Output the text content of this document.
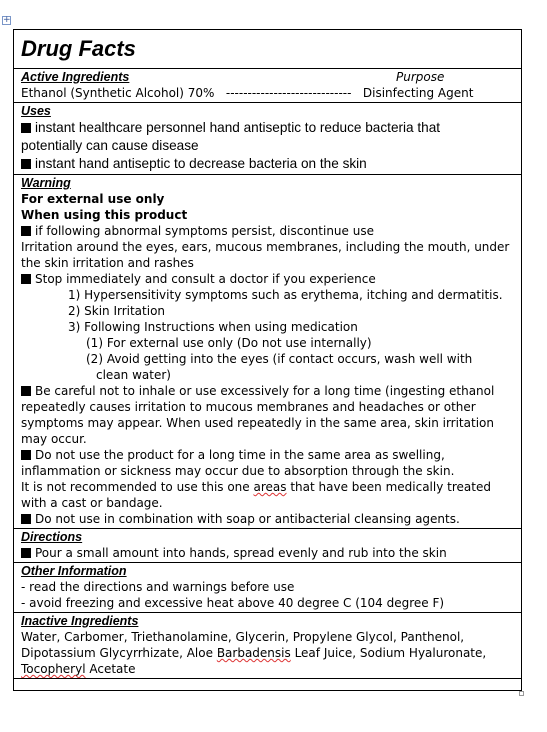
+
Drug Facts
Active Ingredients	Purpose
Ethanol (Synthetic Alcohol) 70%   -----------------------------   Disinfecting Agent
Uses
instant healthcare personnel hand antiseptic to reduce bacteria that
potentially can cause disease
instant hand antiseptic to decrease bacteria on the skin
Warning
For external use only
When using this product
if following abnormal symptoms persist, discontinue use
Irritation around the eyes, ears, mucous membranes, including the mouth, under
the skin irritation and rashes
Stop immediately and consult a doctor if you experience
1) Hypersensitivity symptoms such as erythema, itching and dermatitis.
2) Skin Irritation
3) Following Instructions when using medication
(1) For external use only (Do not use internally)
(2) Avoid getting into the eyes (if contact occurs, wash well with
clean water)
Be careful not to inhale or use excessively for a long time (ingesting ethanol
repeatedly causes irritation to mucous membranes and headaches or other
symptoms may appear. When used repeatedly in the same area, skin irritation
may occur.
Do not use the product for a long time in the same area as swelling,
inflammation or sickness may occur due to absorption through the skin.
It is not recommended to use this one areas that have been medically treated
with a cast or bandage.
Do not use in combination with soap or antibacterial cleansing agents.
Directions
Pour a small amount into hands, spread evenly and rub into the skin
Other Information
- read the directions and warnings before use
- avoid freezing and excessive heat above 40 degree C (104 degree F)
Inactive Ingredients
Water, Carbomer, Triethanolamine, Glycerin, Propylene Glycol, Panthenol,
Dipotassium Glycyrrhizate, Aloe Barbadensis Leaf Juice, Sodium Hyaluronate,
Tocopheryl Acetate
